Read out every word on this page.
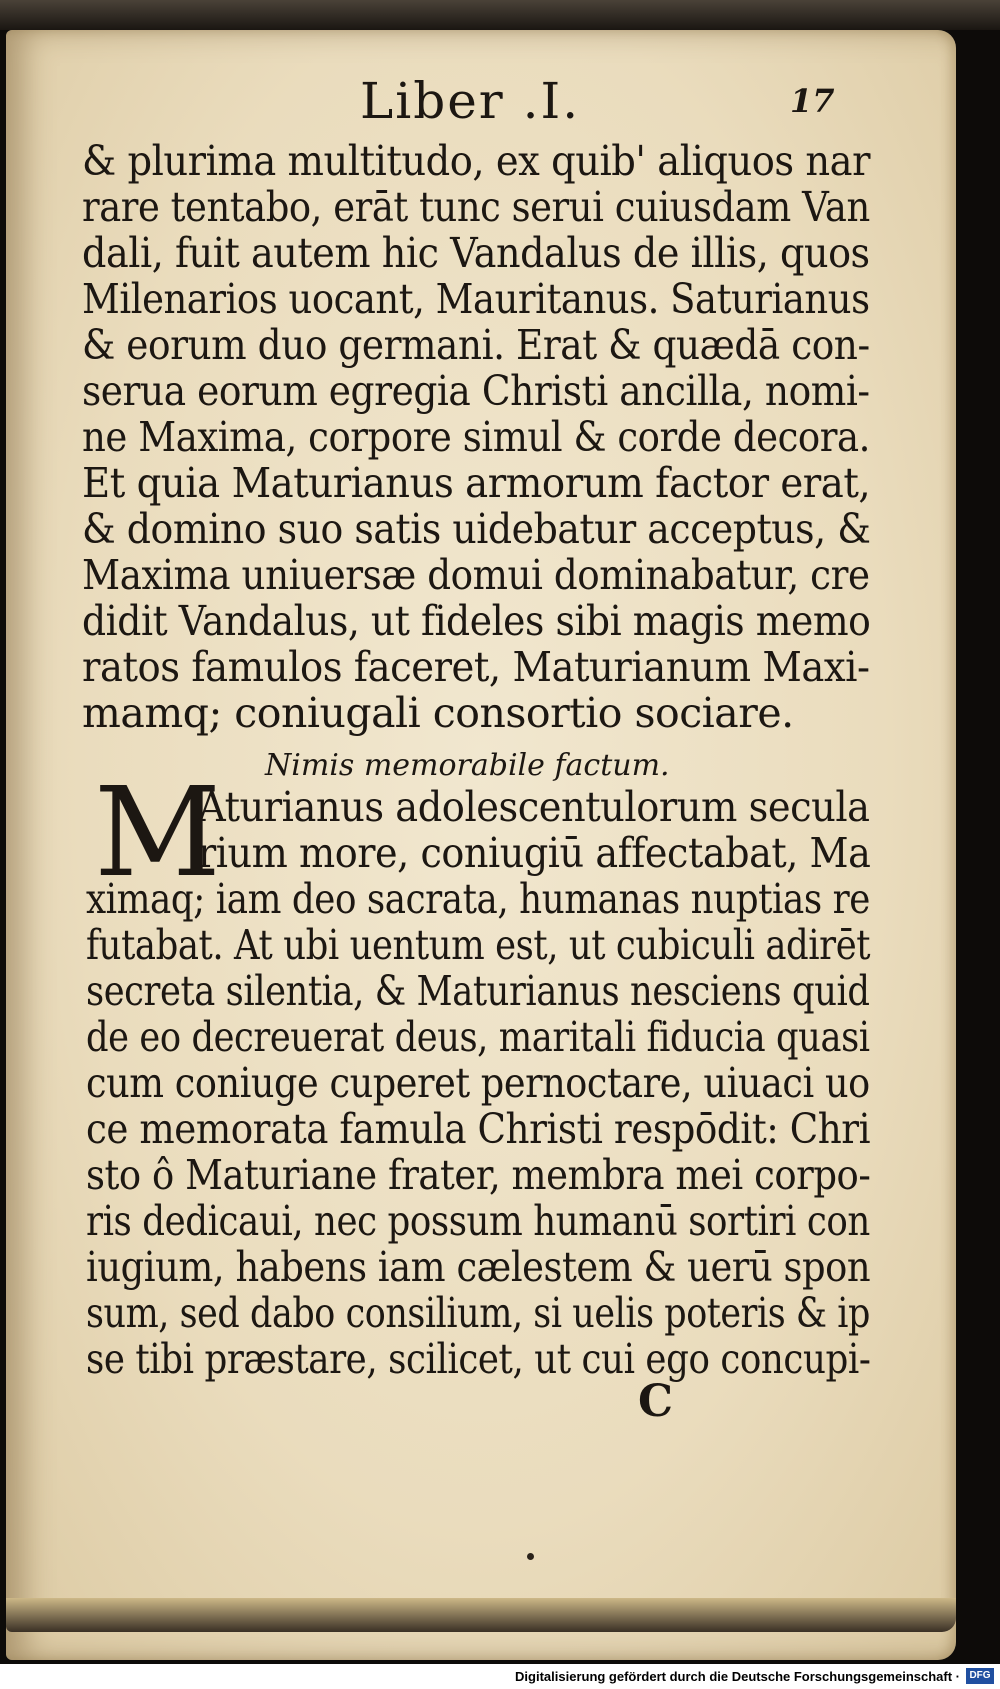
Liber .I.	17
& plurima multitudo, ex quib' aliquos nar
rare tentabo, erāt tunc serui cuiusdam Van
dali, fuit autem hic Vandalus de illis, quos
Milenarios uocant, Mauritanus. Saturianus
& eorum duo germani. Erat & quædā con-
serua eorum egregia Christi ancilla, nomi-
ne Maxima, corpore simul & corde decora.
Et quia Maturianus armorum factor erat,
& domino suo satis uidebatur acceptus, &
Maxima uniuersæ domui dominabatur, cre
didit Vandalus, ut fideles sibi magis memo
ratos famulos faceret, Maturianum Maxi-
mamq; coniugali consortio sociare.
Nimis memorabile factum.
M
Aturianus adolescentulorum secula
rium more, coniugiū affectabat, Ma
ximaq; iam deo sacrata, humanas nuptias re
futabat. At ubi uentum est, ut cubiculi adirēt
secreta silentia, & Maturianus nesciens quid
de eo decreuerat deus, maritali fiducia quasi
cum coniuge cuperet pernoctare, uiuaci uo
ce memorata famula Christi respōdit: Chri
sto ô Maturiane frater, membra mei corpo-
ris dedicaui, nec possum humanū sortiri con
iugium, habens iam cælestem & uerū spon
sum, sed dabo consilium, si uelis poteris & ip
se tibi præstare, scilicet, ut cui ego concupi-
C
Digitalisierung gefördert durch die Deutsche Forschungsgemeinschaft · DFG
